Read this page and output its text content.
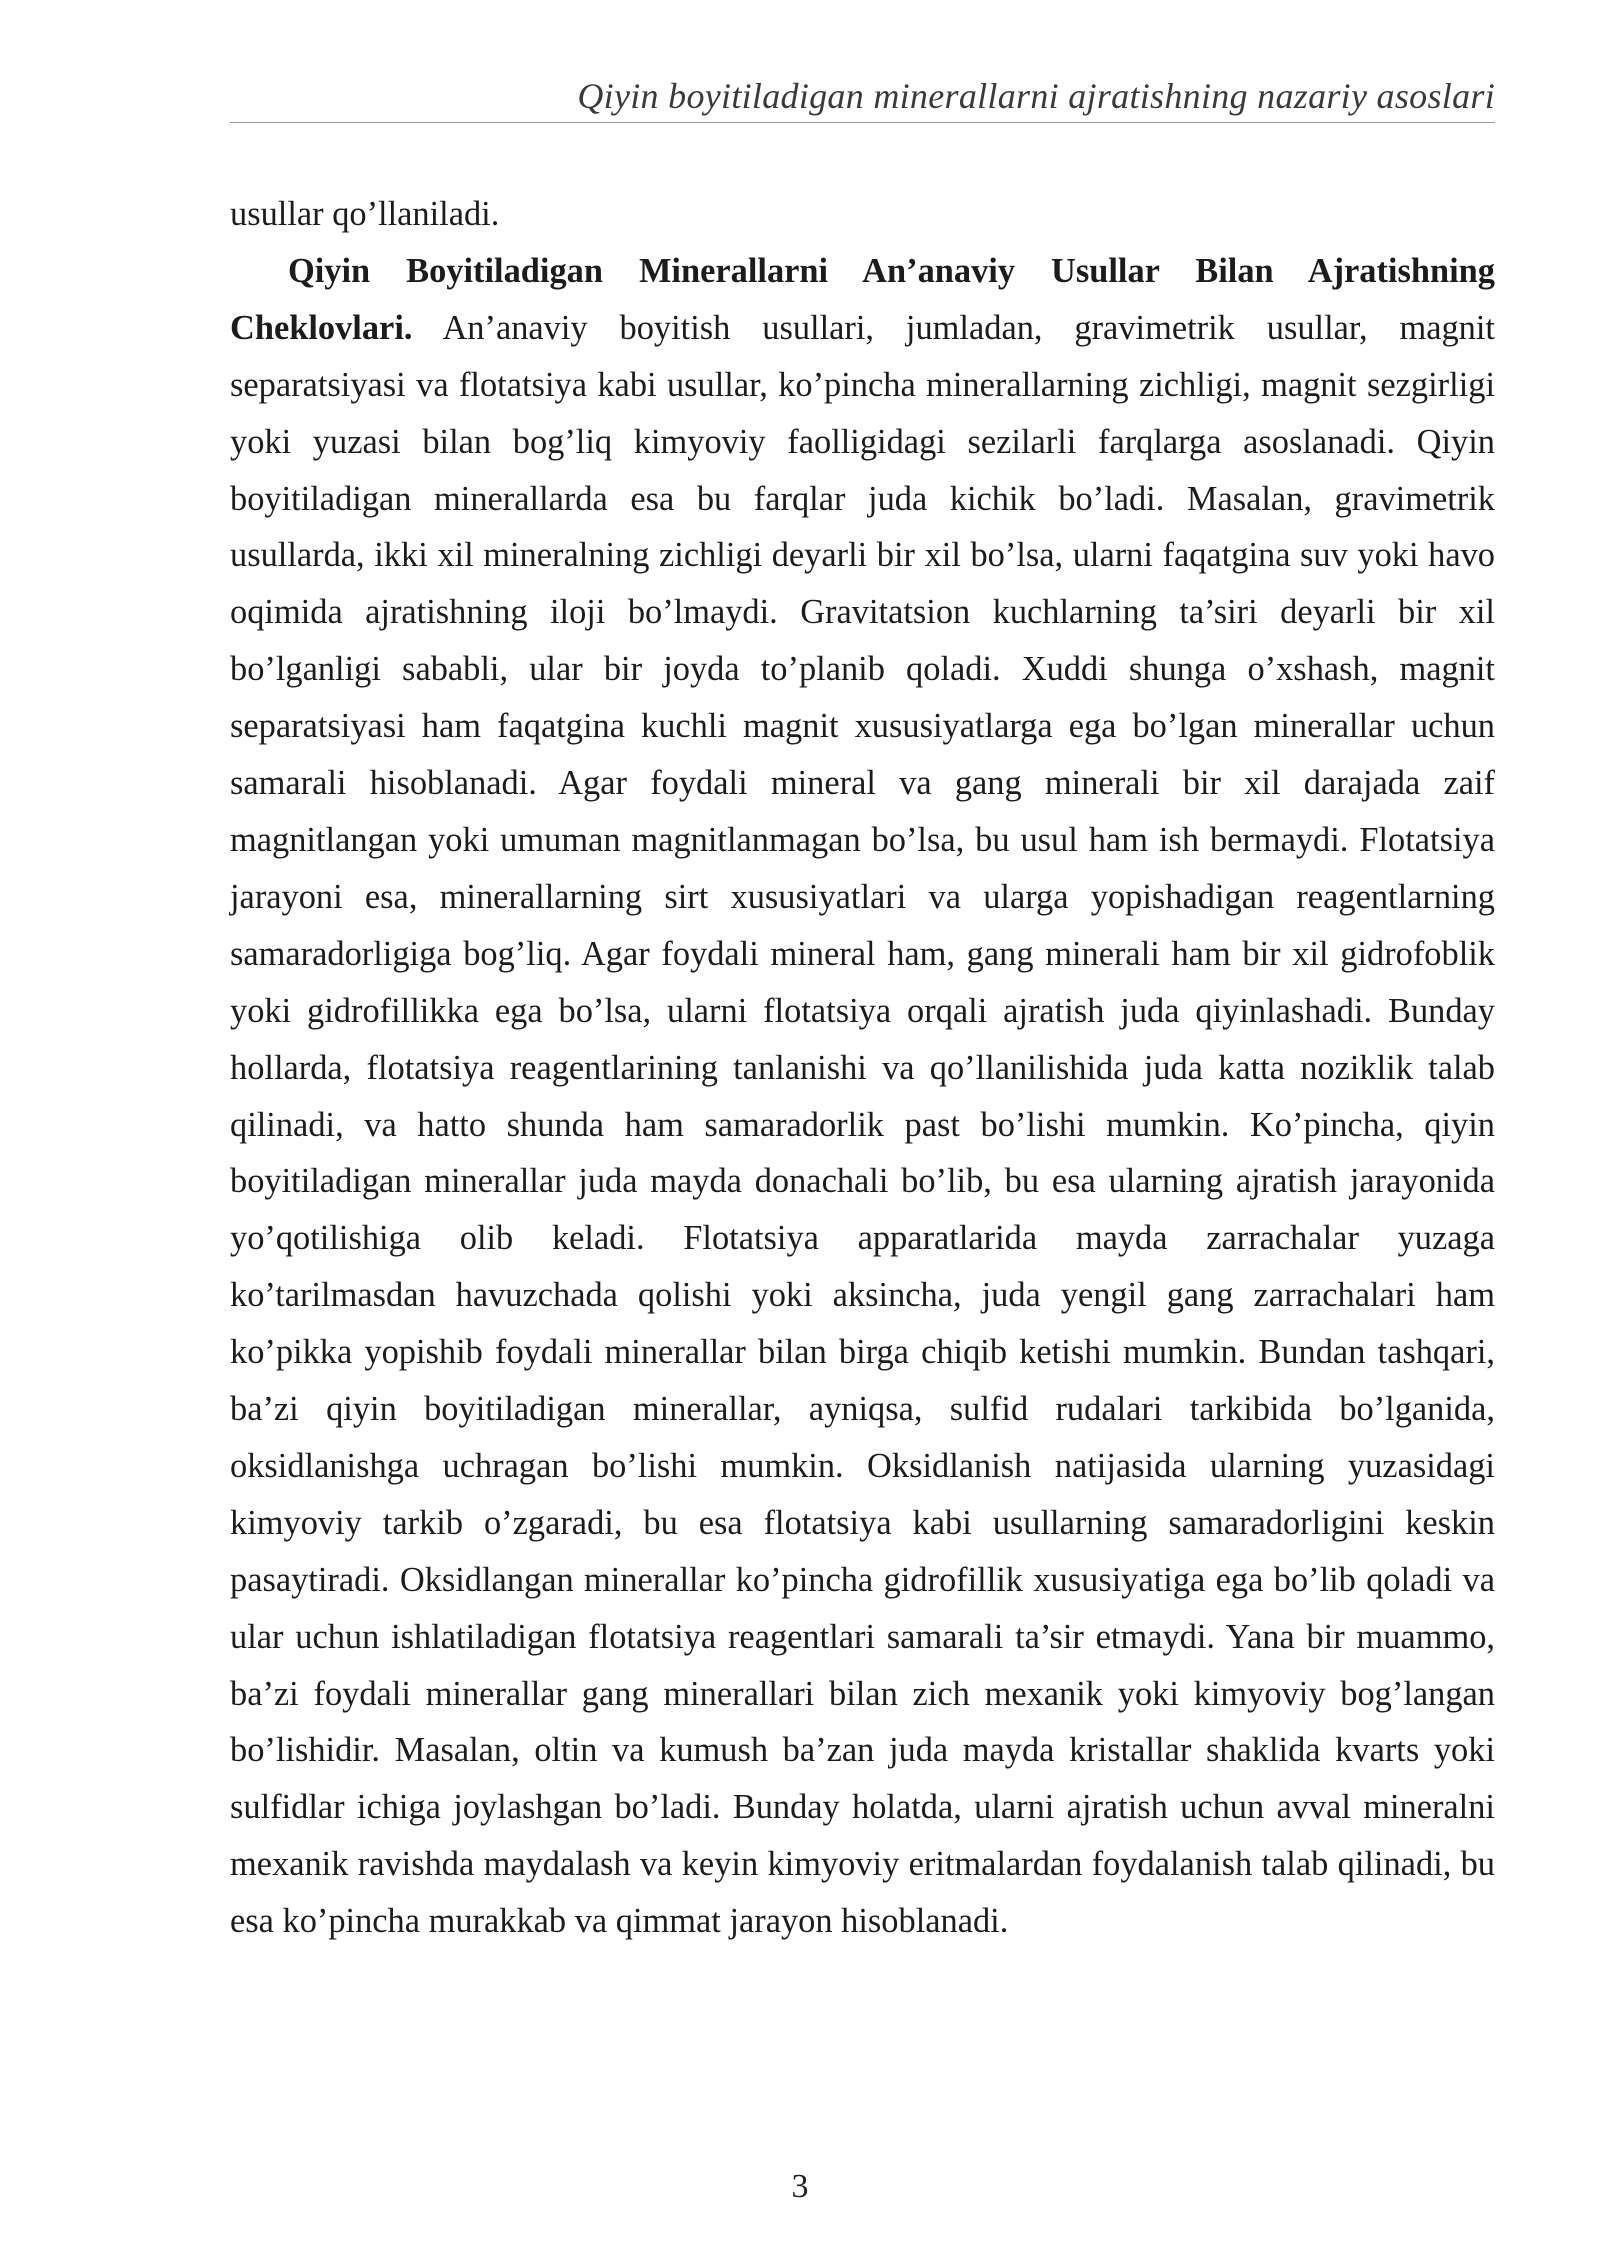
Qiyin boyitiladigan minerallarni ajratishning nazariy asoslari

usullar qo’llaniladi.

Qiyin Boyitiladigan Minerallarni An’anaviy Usullar Bilan Ajratishning Cheklovlari. An’anaviy boyitish usullari, jumladan, gravimetrik usullar, magnit separatsiyasi va flotatsiya kabi usullar, ko’pincha minerallarning zichligi, magnit sezgirligi yoki yuzasi bilan bog’liq kimyoviy faolligidagi sezilarli farqlarga asoslanadi. Qiyin boyitiladigan minerallarda esa bu farqlar juda kichik bo’ladi. Masalan, gravimetrik usullarda, ikki xil mineralning zichligi deyarli bir xil bo’lsa, ularni faqatgina suv yoki havo oqimida ajratishning iloji bo’lmaydi. Gravitatsion kuchlarning ta’siri deyarli bir xil bo’lganligi sababli, ular bir joyda to’planib qoladi. Xuddi shunga o’xshash, magnit separatsiyasi ham faqatgina kuchli magnit xususiyatlarga ega bo’lgan minerallar uchun samarali hisoblanadi. Agar foydali mineral va gang minerali bir xil darajada zaif magnitlangan yoki umuman magnitlanmagan bo’lsa, bu usul ham ish bermaydi. Flotatsiya jarayoni esa, minerallarning sirt xususiyatlari va ularga yopishadigan reagentlarning samaradorligiga bog’liq. Agar foydali mineral ham, gang minerali ham bir xil gidrofoblik yoki gidrofillikka ega bo’lsa, ularni flotatsiya orqali ajratish juda qiyinlashadi. Bunday hollarda, flotatsiya reagentlarining tanlanishi va qo’llanilishida juda katta noziklik talab qilinadi, va hatto shunda ham samaradorlik past bo’lishi mumkin. Ko’pincha, qiyin boyitiladigan minerallar juda mayda donachali bo’lib, bu esa ularning ajratish jarayonida yo’qotilishiga olib keladi. Flotatsiya apparatlarida mayda zarrachalar yuzaga ko’tarilmasdan havuzchada qolishi yoki aksincha, juda yengil gang zarrachalari ham ko’pikka yopishib foydali minerallar bilan birga chiqib ketishi mumkin. Bundan tashqari, ba’zi qiyin boyitiladigan minerallar, ayniqsa, sulfid rudalari tarkibida bo’lganida, oksidlanishga uchragan bo’lishi mumkin. Oksidlanish natijasida ularning yuzasidagi kimyoviy tarkib o’zgaradi, bu esa flotatsiya kabi usullarning samaradorligini keskin pasaytiradi. Oksidlangan minerallar ko’pincha gidrofillik xususiyatiga ega bo’lib qoladi va ular uchun ishlatiladigan flotatsiya reagentlari samarali ta’sir etmaydi. Yana bir muammo, ba’zi foydali minerallar gang minerallari bilan zich mexanik yoki kimyoviy bog’langan bo’lishidir. Masalan, oltin va kumush ba’zan juda mayda kristallar shaklida kvarts yoki sulfidlar ichiga joylashgan bo’ladi. Bunday holatda, ularni ajratish uchun avval mineralni mexanik ravishda maydalash va keyin kimyoviy eritmalardan foydalanish talab qilinadi, bu esa ko’pincha murakkab va qimmat jarayon hisoblanadi.

3
